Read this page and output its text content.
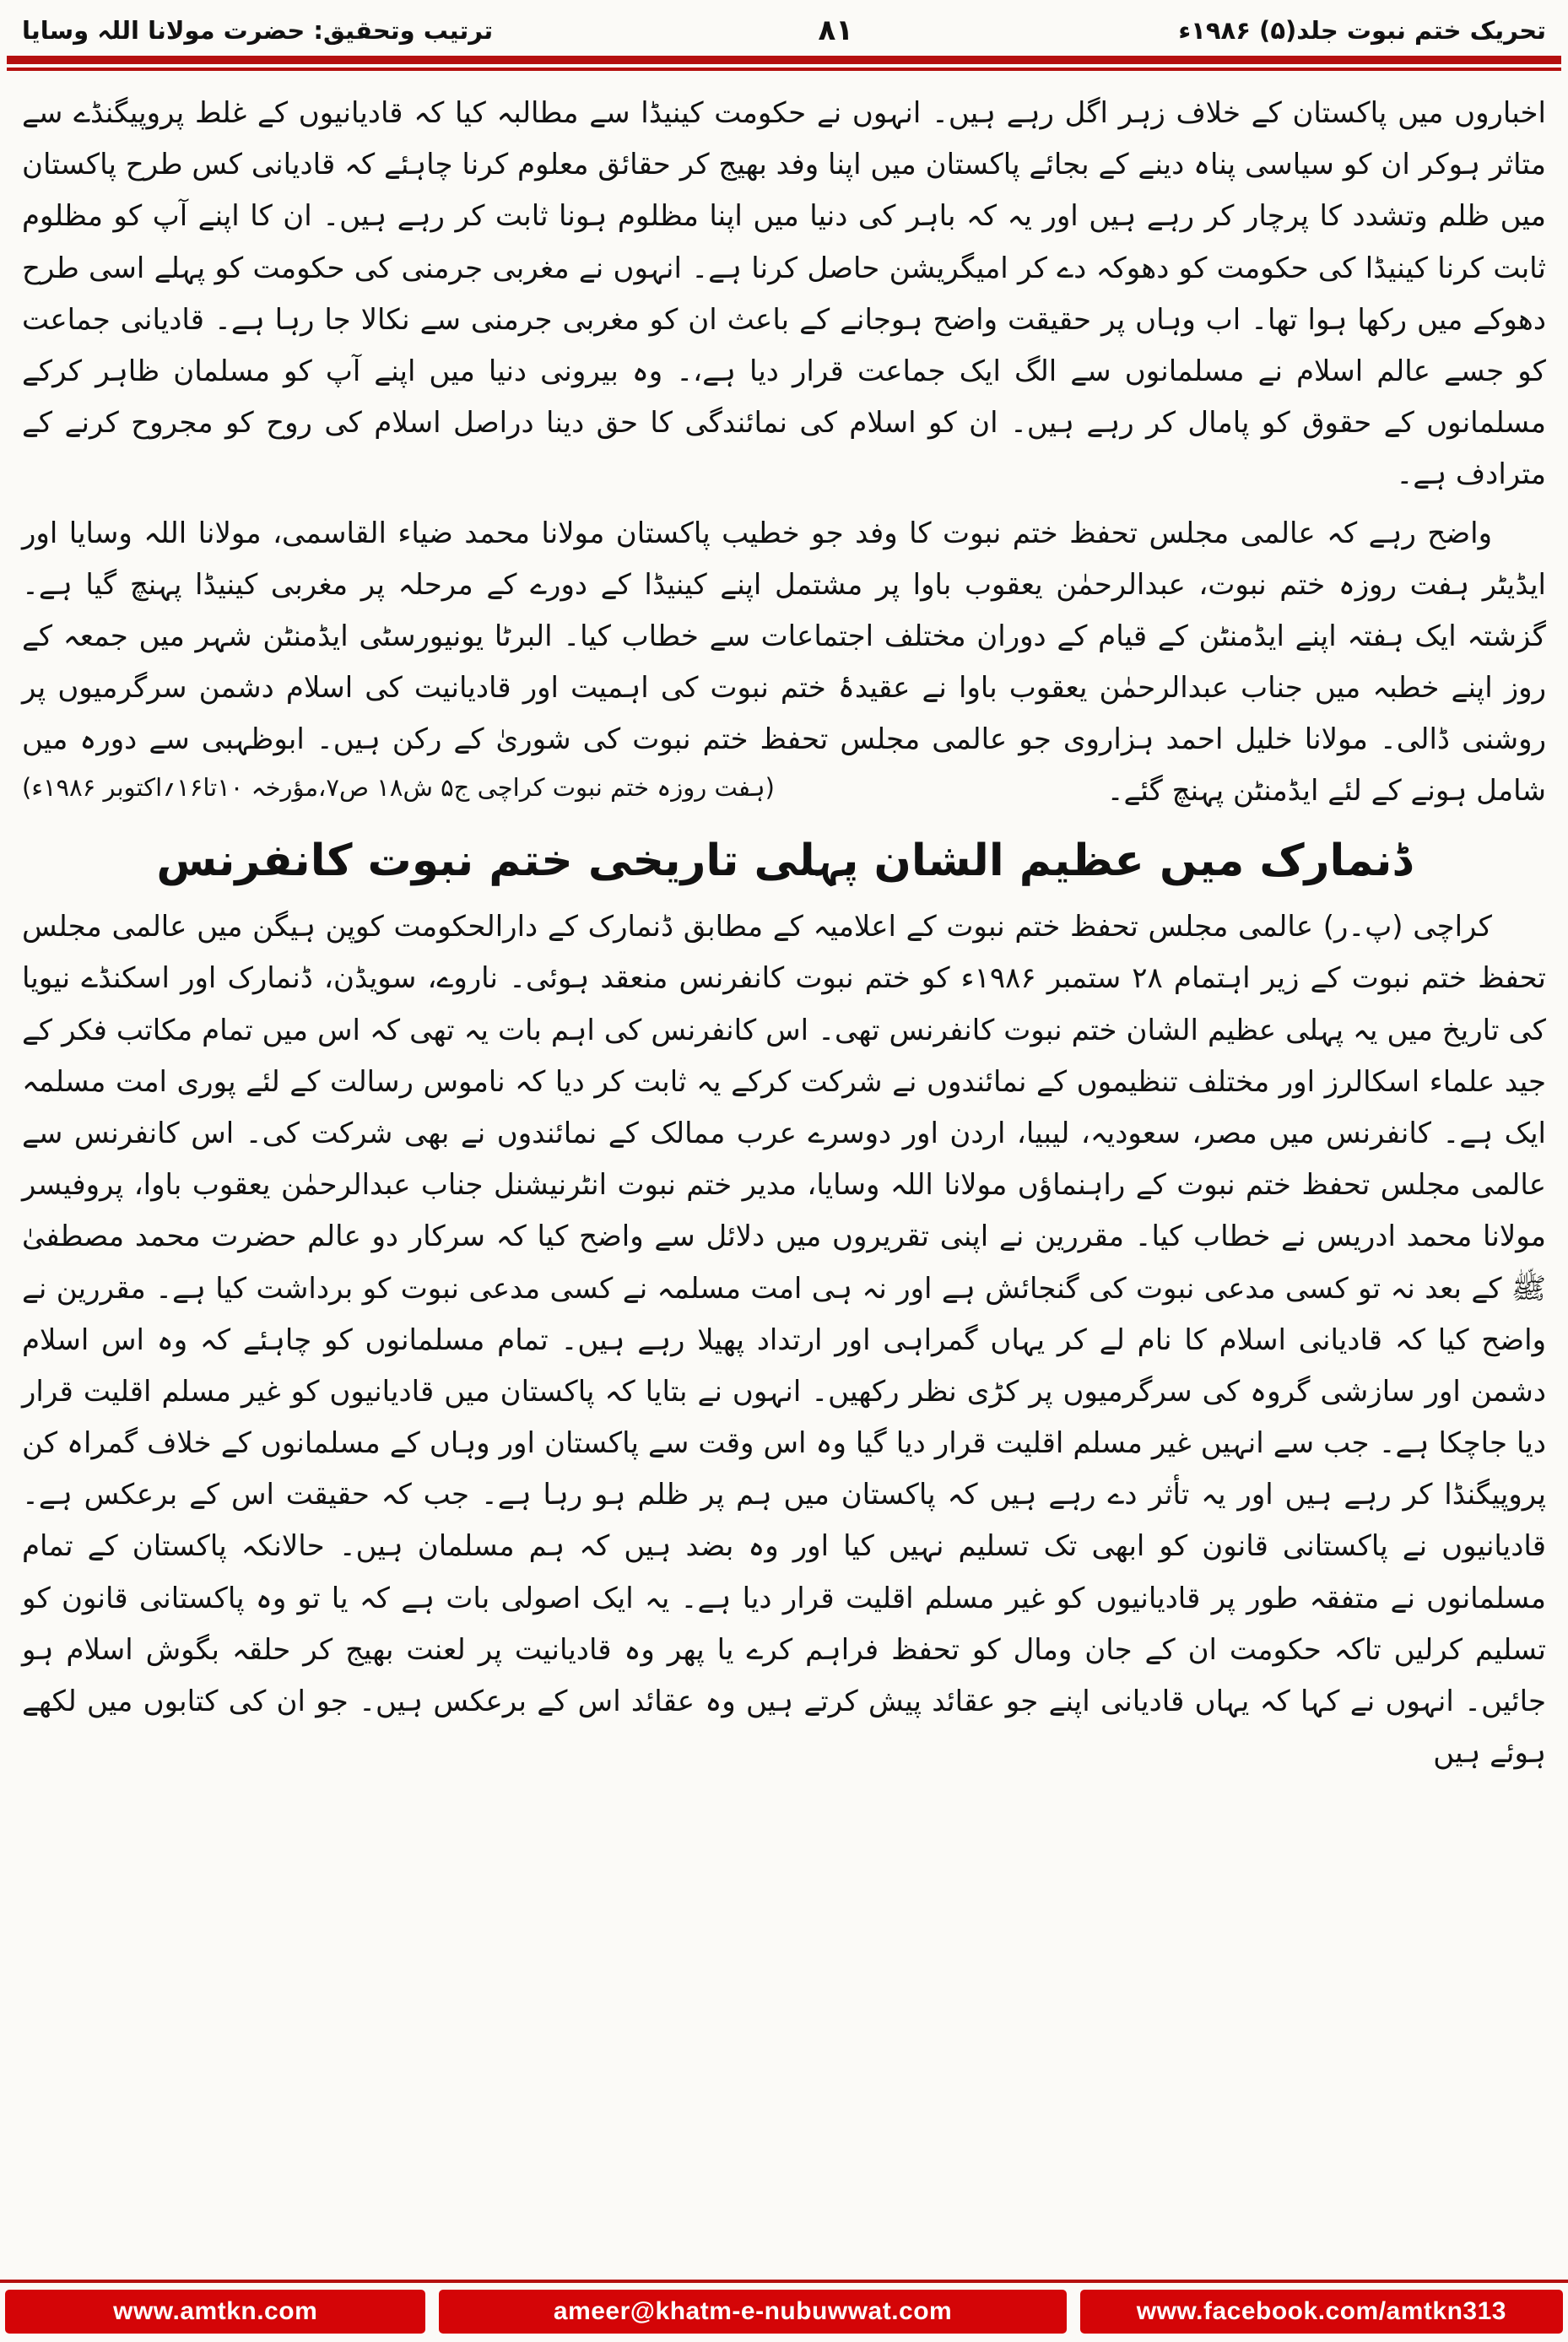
ترتیب وتحقیق: حضرت مولانا اللہ وسایا	۸۱	تحریک ختم نبوت جلد(۵) ۱۹۸۶ء

اخباروں میں پاکستان کے خلاف زہر اگل رہے ہیں۔ انہوں نے حکومت کینیڈا سے مطالبہ کیا کہ قادیانیوں کے غلط پروپیگنڈے سے متاثر ہوکر ان کو سیاسی پناہ دینے کے بجائے پاکستان میں اپنا وفد بھیج کر حقائق معلوم کرنا چاہئے کہ قادیانی کس طرح پاکستان میں ظلم وتشدد کا پرچار کر رہے ہیں اور یہ کہ باہر کی دنیا میں اپنا مظلوم ہونا ثابت کر رہے ہیں۔ ان کا اپنے آپ کو مظلوم ثابت کرنا کینیڈا کی حکومت کو دھوکہ دے کر امیگریشن حاصل کرنا ہے۔ انہوں نے مغربی جرمنی کی حکومت کو پہلے اسی طرح دھوکے میں رکھا ہوا تھا۔ اب وہاں پر حقیقت واضح ہوجانے کے باعث ان کو مغربی جرمنی سے نکالا جا رہا ہے۔ قادیانی جماعت کو جسے عالم اسلام نے مسلمانوں سے الگ ایک جماعت قرار دیا ہے،۔ وہ بیرونی دنیا میں اپنے آپ کو مسلمان ظاہر کرکے مسلمانوں کے حقوق کو پامال کر رہے ہیں۔ ان کو اسلام کی نمائندگی کا حق دینا دراصل اسلام کی روح کو مجروح کرنے کے مترادف ہے۔

واضح رہے کہ عالمی مجلس تحفظ ختم نبوت کا وفد جو خطیب پاکستان مولانا محمد ضیاء القاسمی، مولانا اللہ وسایا اور ایڈیٹر ہفت روزہ ختم نبوت، عبدالرحمٰن یعقوب باوا پر مشتمل اپنے کینیڈا کے دورے کے مرحلہ پر مغربی کینیڈا پہنچ گیا ہے۔ گزشتہ ایک ہفتہ اپنے ایڈمنٹن کے قیام کے دوران مختلف اجتماعات سے خطاب کیا۔ البرٹا یونیورسٹی ایڈمنٹن شہر میں جمعہ کے روز اپنے خطبہ میں جناب عبدالرحمٰن یعقوب باوا نے عقیدۂ ختم نبوت کی اہمیت اور قادیانیت کی اسلام دشمن سرگرمیوں پر روشنی ڈالی۔ مولانا خلیل احمد ہزاروی جو عالمی مجلس تحفظ ختم نبوت کی شوریٰ کے رکن ہیں۔ ابوظہبی سے دورہ میں شامل ہونے کے لئے ایڈمنٹن پہنچ گئے۔
(ہفت روزہ ختم نبوت کراچی ج۵ ش۱۸ ص۷،مؤرخہ ۱۰تا۱۶؍اکتوبر ۱۹۸۶ء)

ڈنمارک میں عظیم الشان پہلی تاریخی ختم نبوت کانفرنس

کراچی (پ۔ر) عالمی مجلس تحفظ ختم نبوت کے اعلامیہ کے مطابق ڈنمارک کے دارالحکومت کوپن ہیگن میں عالمی مجلس تحفظ ختم نبوت کے زیر اہتمام ۲۸ ستمبر ۱۹۸۶ء کو ختم نبوت کانفرنس منعقد ہوئی۔ ناروے، سویڈن، ڈنمارک اور اسکنڈے نیویا کی تاریخ میں یہ پہلی عظیم الشان ختم نبوت کانفرنس تھی۔ اس کانفرنس کی اہم بات یہ تھی کہ اس میں تمام مکاتب فکر کے جید علماء اسکالرز اور مختلف تنظیموں کے نمائندوں نے شرکت کرکے یہ ثابت کر دیا کہ ناموس رسالت کے لئے پوری امت مسلمہ ایک ہے۔ کانفرنس میں مصر، سعودیہ، لیبیا، اردن اور دوسرے عرب ممالک کے نمائندوں نے بھی شرکت کی۔ اس کانفرنس سے عالمی مجلس تحفظ ختم نبوت کے راہنماؤں مولانا اللہ وسایا، مدیر ختم نبوت انٹرنیشنل جناب عبدالرحمٰن یعقوب باوا، پروفیسر مولانا محمد ادریس نے خطاب کیا۔ مقررین نے اپنی تقریروں میں دلائل سے واضح کیا کہ سرکار دو عالم حضرت محمد مصطفیٰ ﷺ کے بعد نہ تو کسی مدعی نبوت کی گنجائش ہے اور نہ ہی امت مسلمہ نے کسی مدعی نبوت کو برداشت کیا ہے۔ مقررین نے واضح کیا کہ قادیانی اسلام کا نام لے کر یہاں گمراہی اور ارتداد پھیلا رہے ہیں۔ تمام مسلمانوں کو چاہئے کہ وہ اس اسلام دشمن اور سازشی گروہ کی سرگرمیوں پر کڑی نظر رکھیں۔ انہوں نے بتایا کہ پاکستان میں قادیانیوں کو غیر مسلم اقلیت قرار دیا جاچکا ہے۔ جب سے انہیں غیر مسلم اقلیت قرار دیا گیا وہ اس وقت سے پاکستان اور وہاں کے مسلمانوں کے خلاف گمراہ کن پروپیگنڈا کر رہے ہیں اور یہ تأثر دے رہے ہیں کہ پاکستان میں ہم پر ظلم ہو رہا ہے۔ جب کہ حقیقت اس کے برعکس ہے۔ قادیانیوں نے پاکستانی قانون کو ابھی تک تسلیم نہیں کیا اور وہ بضد ہیں کہ ہم مسلمان ہیں۔ حالانکہ پاکستان کے تمام مسلمانوں نے متفقہ طور پر قادیانیوں کو غیر مسلم اقلیت قرار دیا ہے۔ یہ ایک اصولی بات ہے کہ یا تو وہ پاکستانی قانون کو تسلیم کرلیں تاکہ حکومت ان کے جان ومال کو تحفظ فراہم کرے یا پھر وہ قادیانیت پر لعنت بھیج کر حلقہ بگوش اسلام ہو جائیں۔ انہوں نے کہا کہ یہاں قادیانی اپنے جو عقائد پیش کرتے ہیں وہ عقائد اس کے برعکس ہیں۔ جو ان کی کتابوں میں لکھے ہوئے ہیں

www.amtkn.com	ameer@khatm-e-nubuwwat.com	www.facebook.com/amtkn313
